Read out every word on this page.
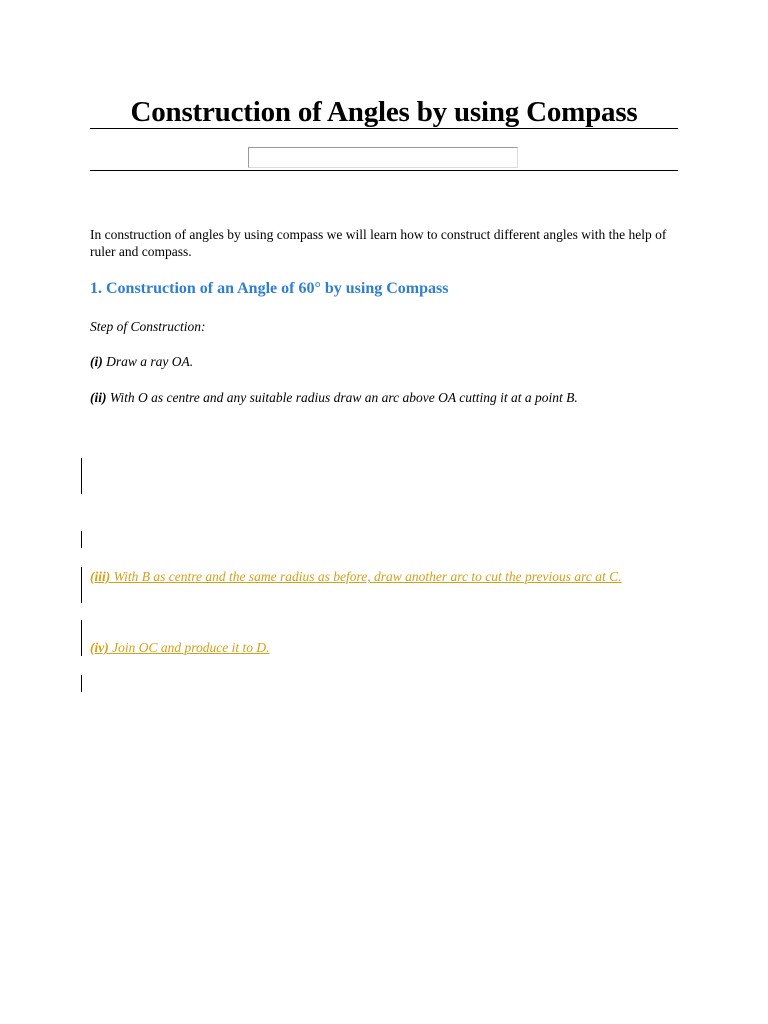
Construction of Angles by using Compass

In construction of angles by using compass we will learn how to construct different angles with the help of ruler and compass.

1. Construction of an Angle of 60° by using Compass

Step of Construction:

(i) Draw a ray OA.

(ii) With O as centre and any suitable radius draw an arc above OA cutting it at a point B.

(iii) With B as centre and the same radius as before, draw another arc to cut the previous arc at C.

(iv) Join OC and produce it to D.
